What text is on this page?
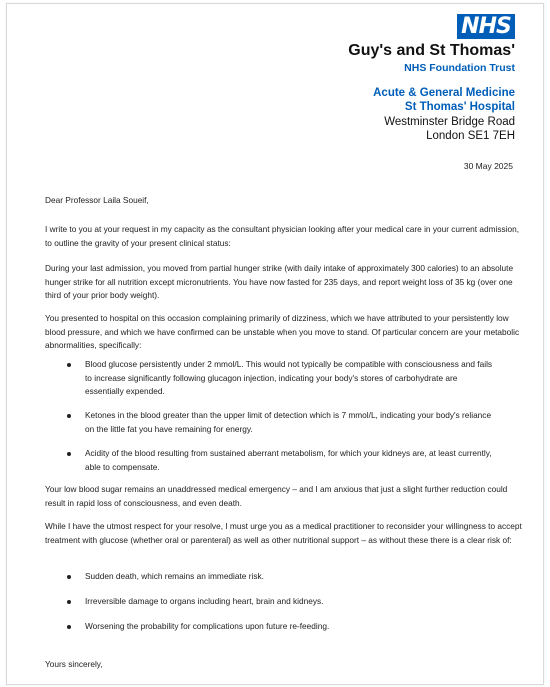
NHS
Guy's and St Thomas'
NHS Foundation Trust
Acute & General Medicine
St Thomas' Hospital
Westminster Bridge Road
London SE1 7EH
30 May 2025
Dear Professor Laila Soueif,
I write to you at your request in my capacity as the consultant physician looking after your medical care in your current admission, to outline the gravity of your present clinical status:
During your last admission, you moved from partial hunger strike (with daily intake of approximately 300 calories) to an absolute hunger strike for all nutrition except micronutrients. You have now fasted for 235 days, and report weight loss of 35 kg (over one third of your prior body weight).
You presented to hospital on this occasion complaining primarily of dizziness, which we have attributed to your persistently low blood pressure, and which we have confirmed can be unstable when you move to stand. Of particular concern are your metabolic abnormalities, specifically:
Blood glucose persistently under 2 mmol/L. This would not typically be compatible with consciousness and fails to increase significantly following glucagon injection, indicating your body's stores of carbohydrate are essentially expended.
Ketones in the blood greater than the upper limit of detection which is 7 mmol/L, indicating your body's reliance on the little fat you have remaining for energy.
Acidity of the blood resulting from sustained aberrant metabolism, for which your kidneys are, at least currently, able to compensate.
Your low blood sugar remains an unaddressed medical emergency – and I am anxious that just a slight further reduction could result in rapid loss of consciousness, and even death.
While I have the utmost respect for your resolve, I must urge you as a medical practitioner to reconsider your willingness to accept treatment with glucose (whether oral or parenteral) as well as other nutritional support – as without these there is a clear risk of:
Sudden death, which remains an immediate risk.
Irreversible damage to organs including heart, brain and kidneys.
Worsening the probability for complications upon future re-feeding.
Yours sincerely,
